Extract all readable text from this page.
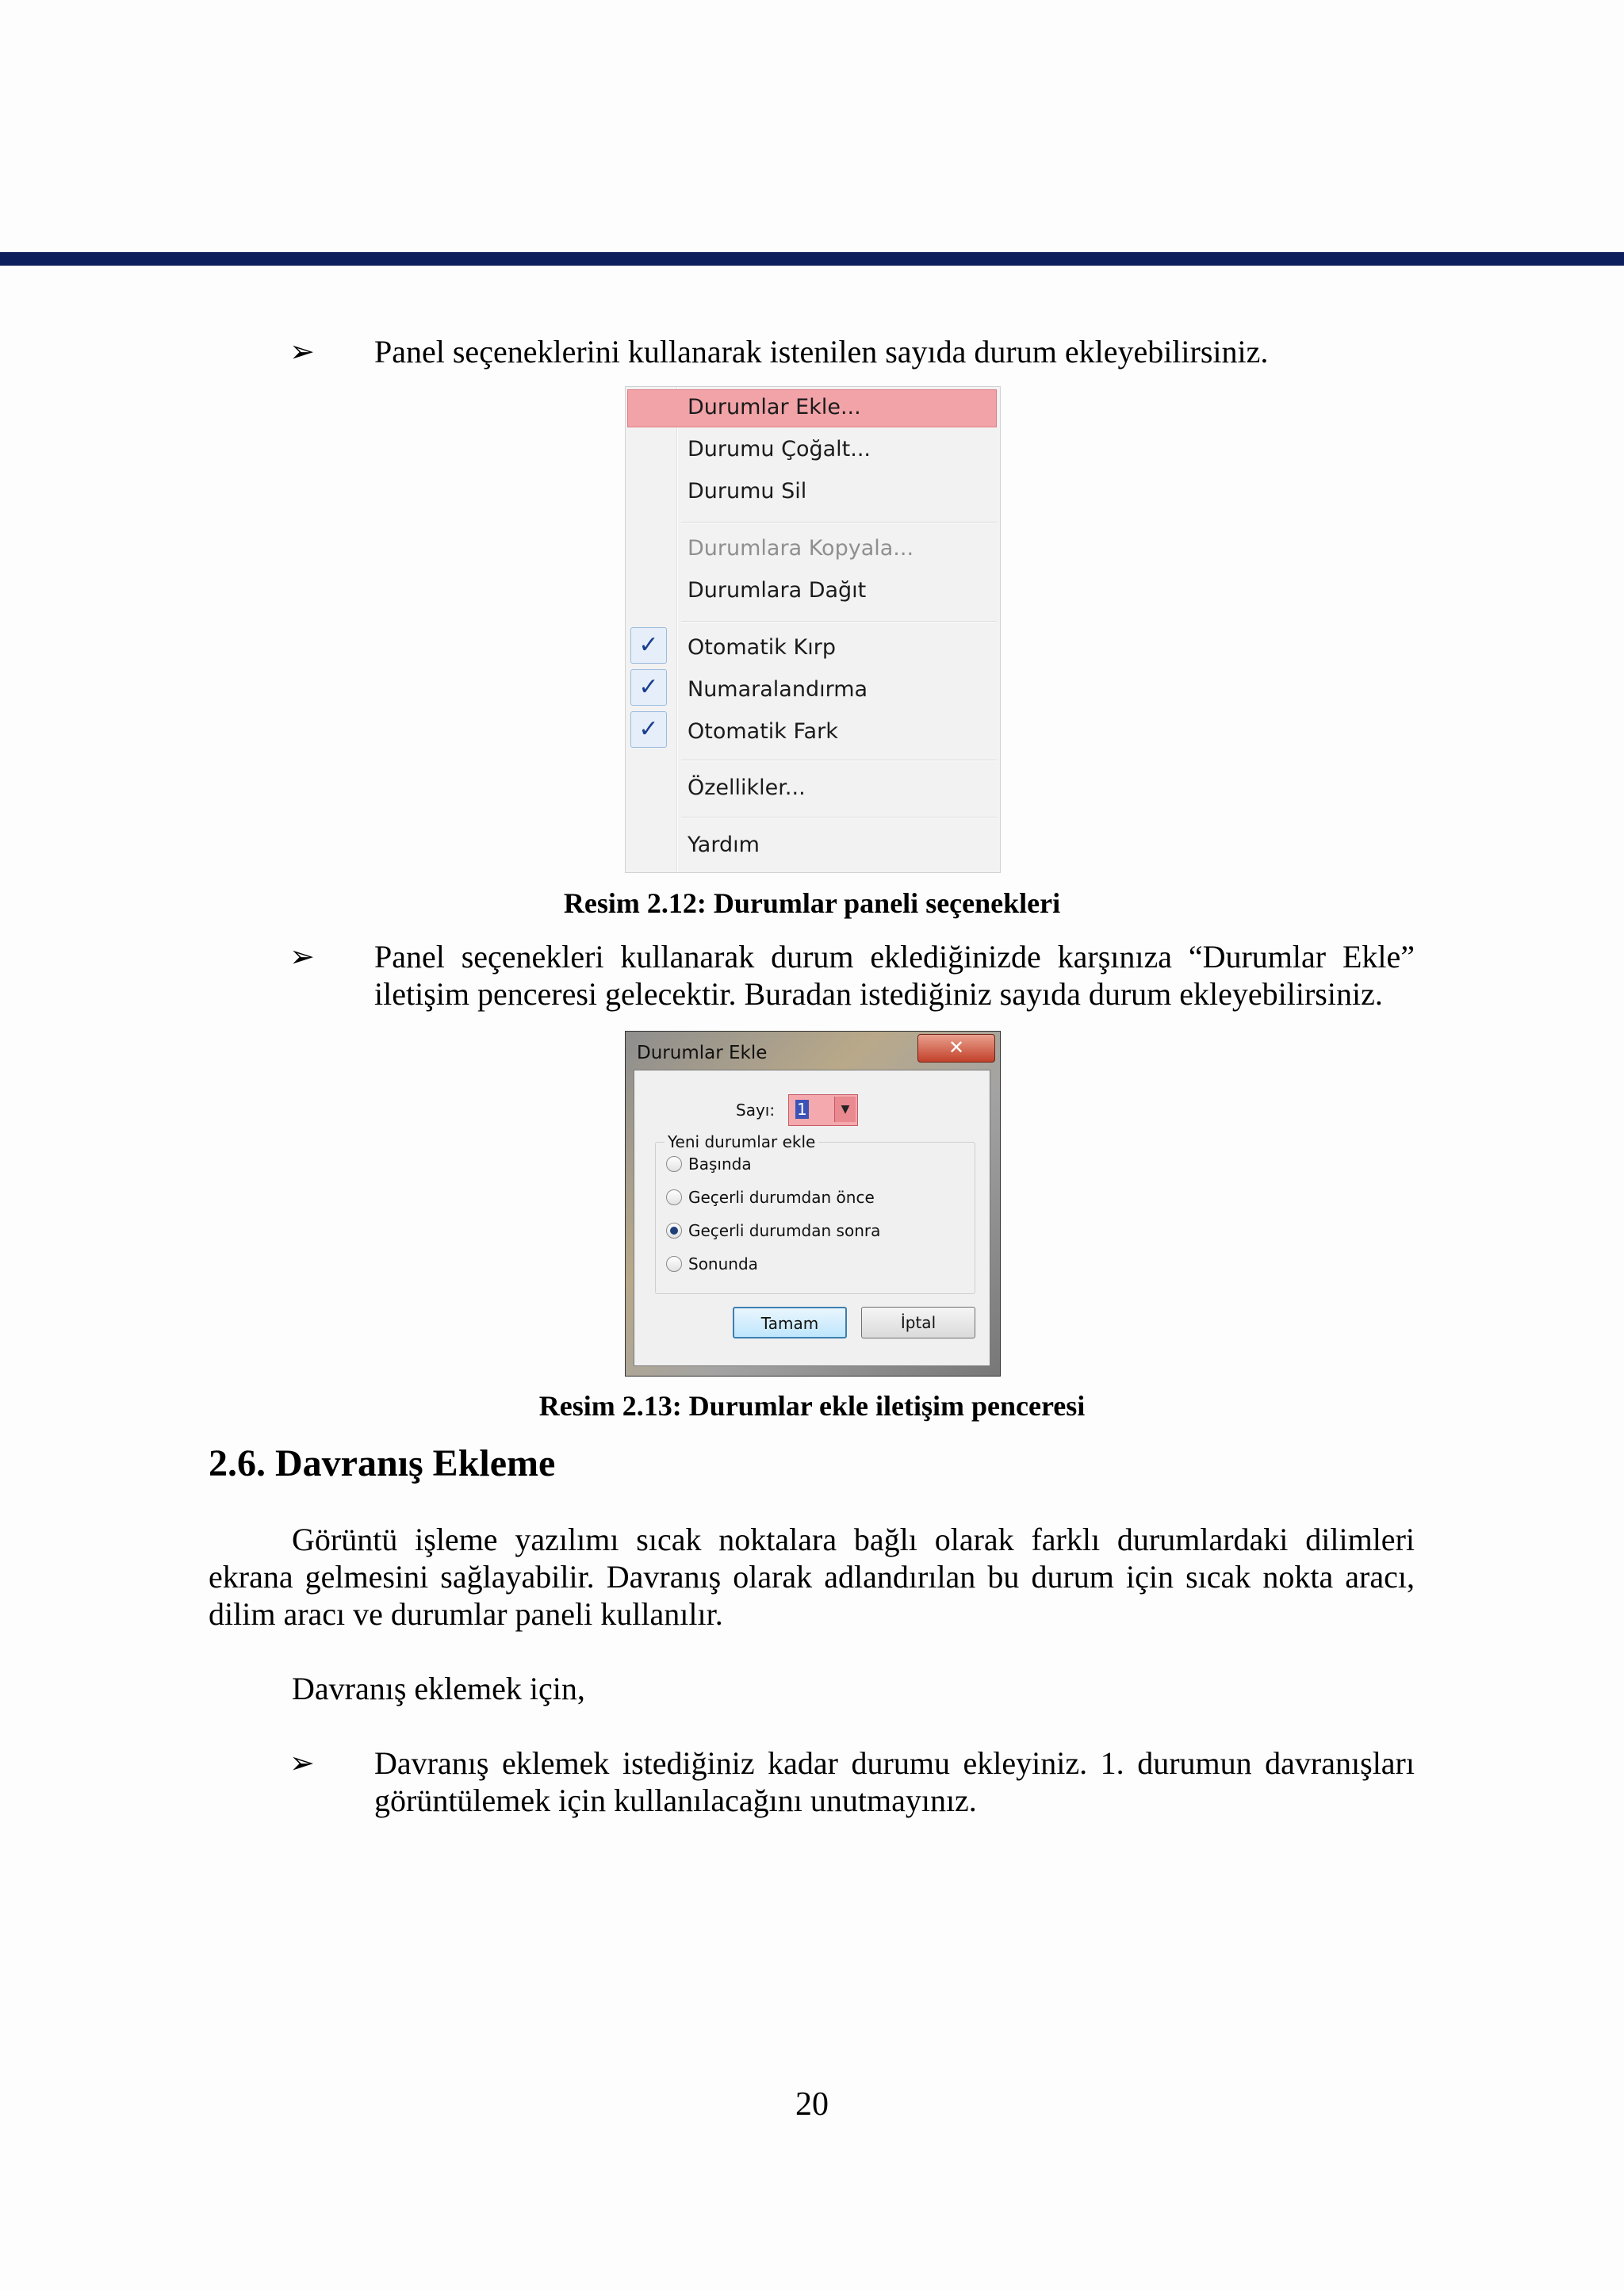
➢ Panel seçeneklerini kullanarak istenilen sayıda durum ekleyebilirsiniz.
Durumlar Ekle...
Durumu Çoğalt...
Durumu Sil
Durumlara Kopyala...
Durumlara Dağıt
✓	Otomatik Kırp
✓	Numaralandırma
✓	Otomatik Fark
Özellikler...
Yardım
Resim 2.12: Durumlar paneli seçenekleri
➢ Panel seçenekleri kullanarak durum eklediğinizde karşınıza “Durumlar Ekle” iletişim penceresi gelecektir. Buradan istediğiniz sayıda durum ekleyebilirsiniz.
Durumlar Ekle	✕
Sayı: 1	▼
Yeni durumlar ekle
Başında
Geçerli durumdan önce
Geçerli durumdan sonra
Sonunda
Tamam	İptal
Resim 2.13: Durumlar ekle iletişim penceresi
2.6. Davranış Ekleme
Görüntü işleme yazılımı sıcak noktalara bağlı olarak farklı durumlardaki dilimleri ekrana gelmesini sağlayabilir. Davranış olarak adlandırılan bu durum için sıcak nokta aracı, dilim aracı ve durumlar paneli kullanılır.
Davranış eklemek için,
➢ Davranış eklemek istediğiniz kadar durumu ekleyiniz. 1. durumun davranışları görüntülemek için kullanılacağını unutmayınız.
20
